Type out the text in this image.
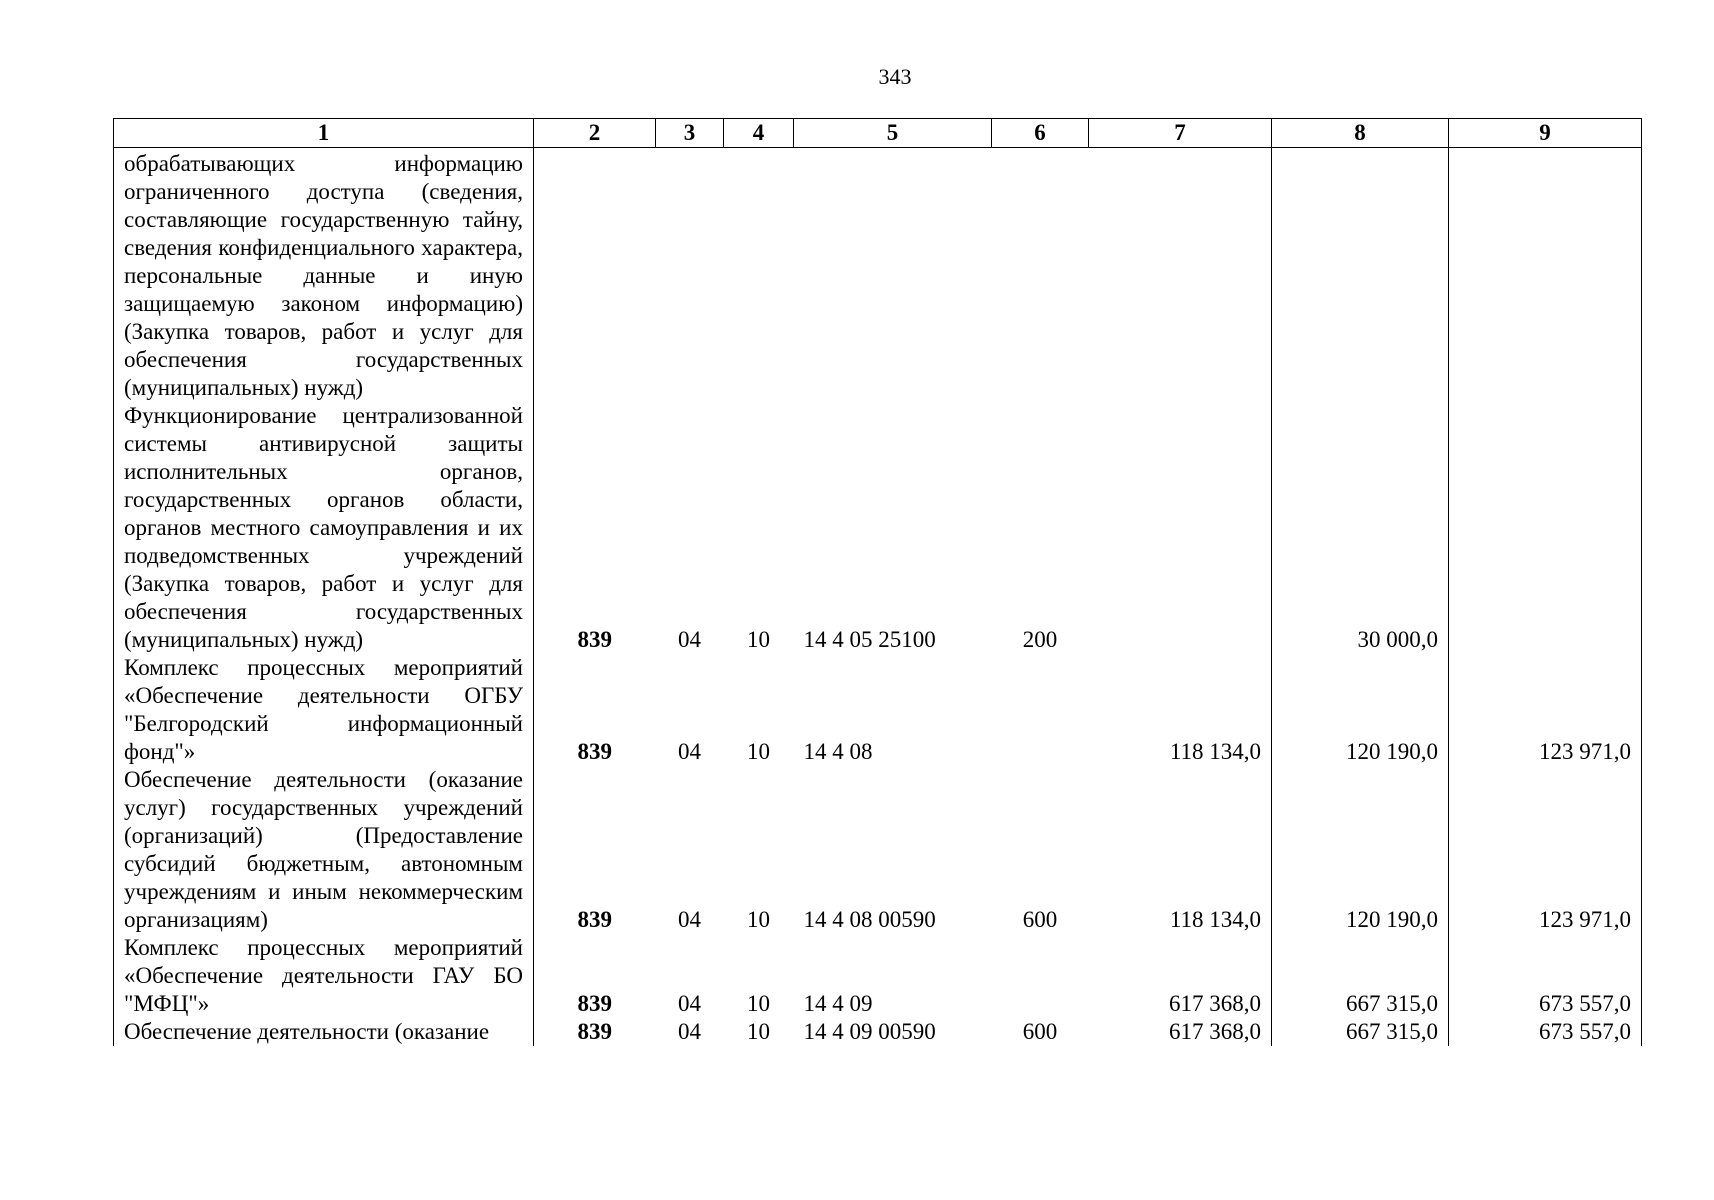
343
1	2	3	4	5	6	7	8	9
обрабатывающих информацию ограниченного доступа (сведения, составляющие государственную тайну, сведения конфиденциального характера, персональные данные и иную защищаемую законом информацию) (Закупка товаров, работ и услуг для обеспечения государственных (муниципальных) нужд)								
Функционирование централизованной системы антивирусной защиты исполнительных органов, государственных органов области, органов местного самоуправления и их подведомственных учреждений (Закупка товаров, работ и услуг для обеспечения государственных (муниципальных) нужд)	839	04	10	14 4 05 25100	200		30 000,0	
Комплекс процессных мероприятий «Обеспечение деятельности ОГБУ "Белгородский информационный фонд"»	839	04	10	14 4 08		118 134,0	120 190,0	123 971,0
Обеспечение деятельности (оказание услуг) государственных учреждений (организаций) (Предоставление субсидий бюджетным, автономным учреждениям и иным некоммерческим организациям)	839	04	10	14 4 08 00590	600	118 134,0	120 190,0	123 971,0
Комплекс процессных мероприятий «Обеспечение деятельности ГАУ БО "МФЦ"»	839	04	10	14 4 09		617 368,0	667 315,0	673 557,0
Обеспечение деятельности (оказание	839	04	10	14 4 09 00590	600	617 368,0	667 315,0	673 557,0
